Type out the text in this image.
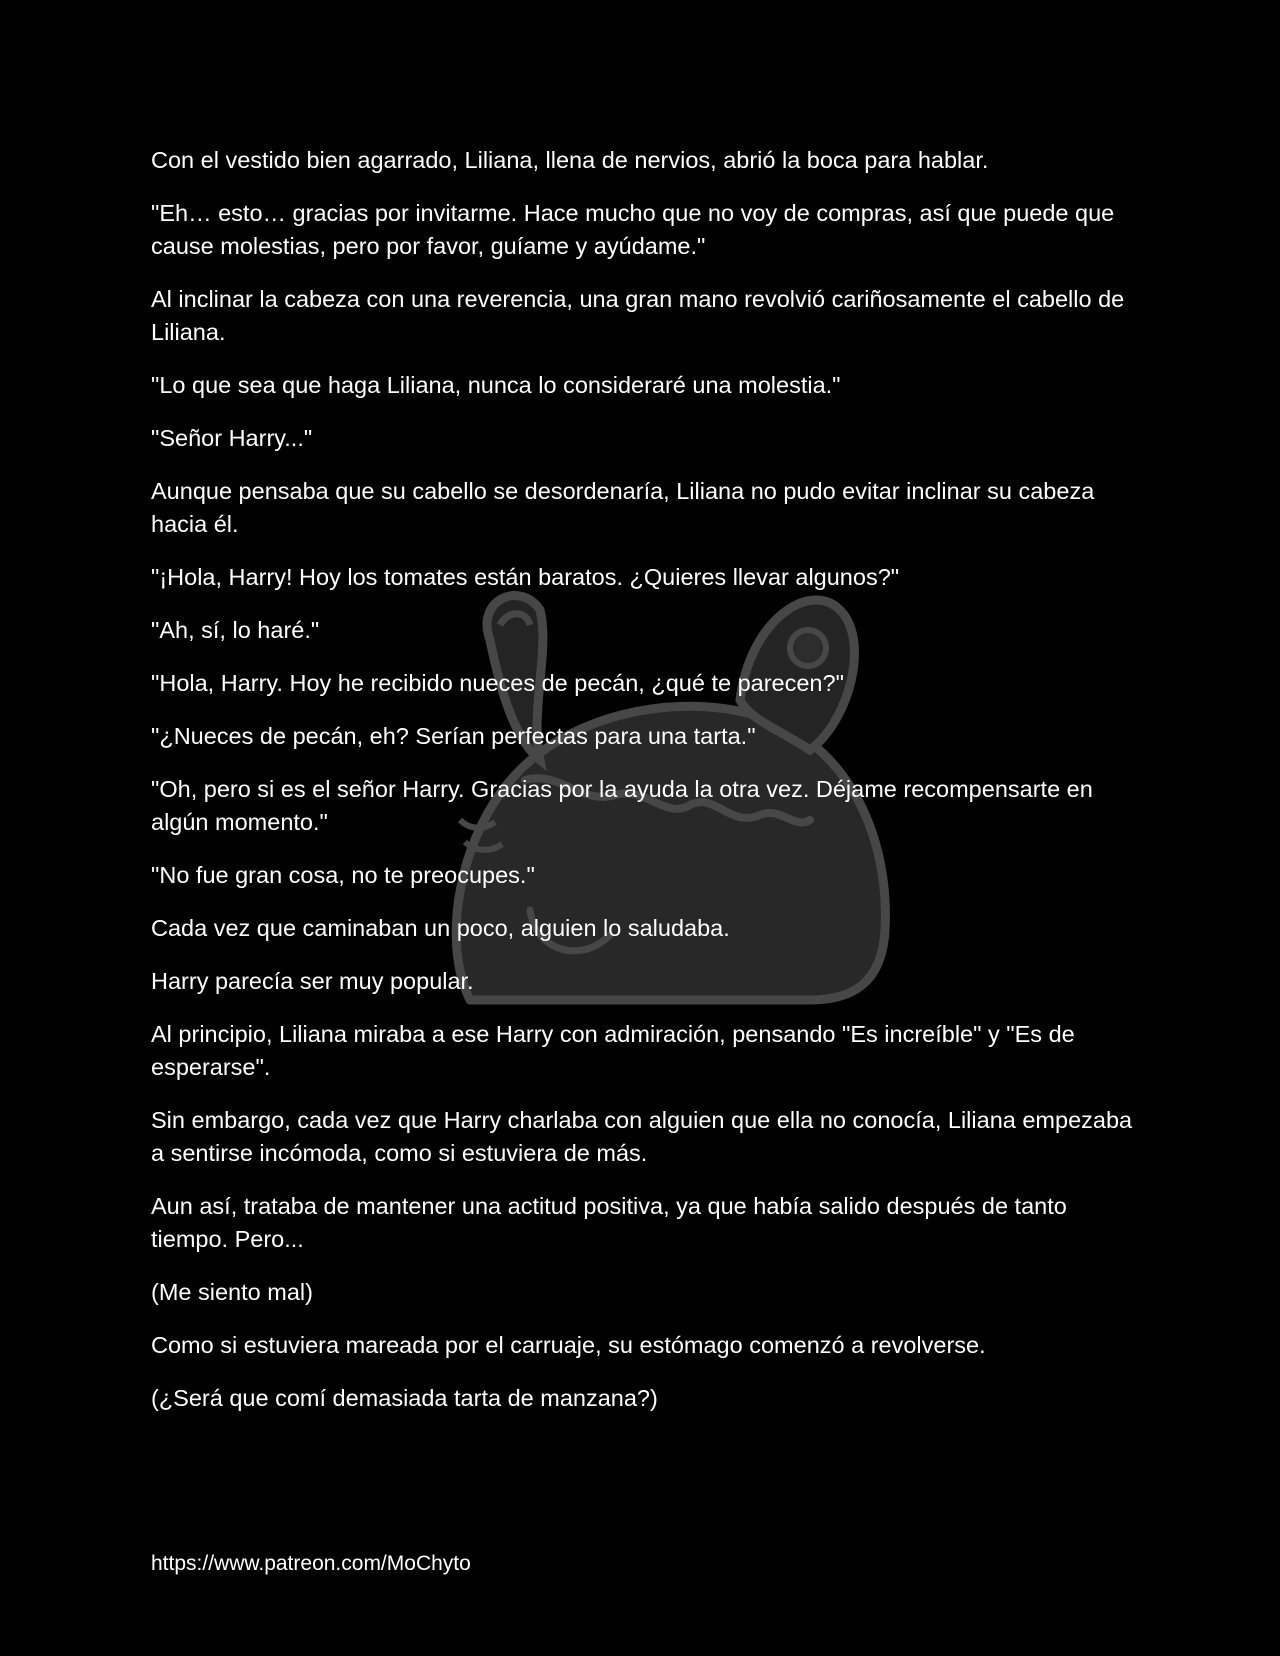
Con el vestido bien agarrado, Liliana, llena de nervios, abrió la boca para hablar.

"Eh… esto… gracias por invitarme. Hace mucho que no voy de compras, así que puede que cause molestias, pero por favor, guíame y ayúdame."

Al inclinar la cabeza con una reverencia, una gran mano revolvió cariñosamente el cabello de Liliana.

"Lo que sea que haga Liliana, nunca lo consideraré una molestia."

"Señor Harry..."

Aunque pensaba que su cabello se desordenaría, Liliana no pudo evitar inclinar su cabeza hacia él.

"¡Hola, Harry! Hoy los tomates están baratos. ¿Quieres llevar algunos?"

"Ah, sí, lo haré."

"Hola, Harry. Hoy he recibido nueces de pecán, ¿qué te parecen?"

"¿Nueces de pecán, eh? Serían perfectas para una tarta."

"Oh, pero si es el señor Harry. Gracias por la ayuda la otra vez. Déjame recompensarte en algún momento."

"No fue gran cosa, no te preocupes."

Cada vez que caminaban un poco, alguien lo saludaba.

Harry parecía ser muy popular.

Al principio, Liliana miraba a ese Harry con admiración, pensando "Es increíble" y "Es de esperarse".

Sin embargo, cada vez que Harry charlaba con alguien que ella no conocía, Liliana empezaba a sentirse incómoda, como si estuviera de más.

Aun así, trataba de mantener una actitud positiva, ya que había salido después de tanto tiempo. Pero...

(Me siento mal)

Como si estuviera mareada por el carruaje, su estómago comenzó a revolverse.

(¿Será que comí demasiada tarta de manzana?)

https://www.patreon.com/MoChyto
